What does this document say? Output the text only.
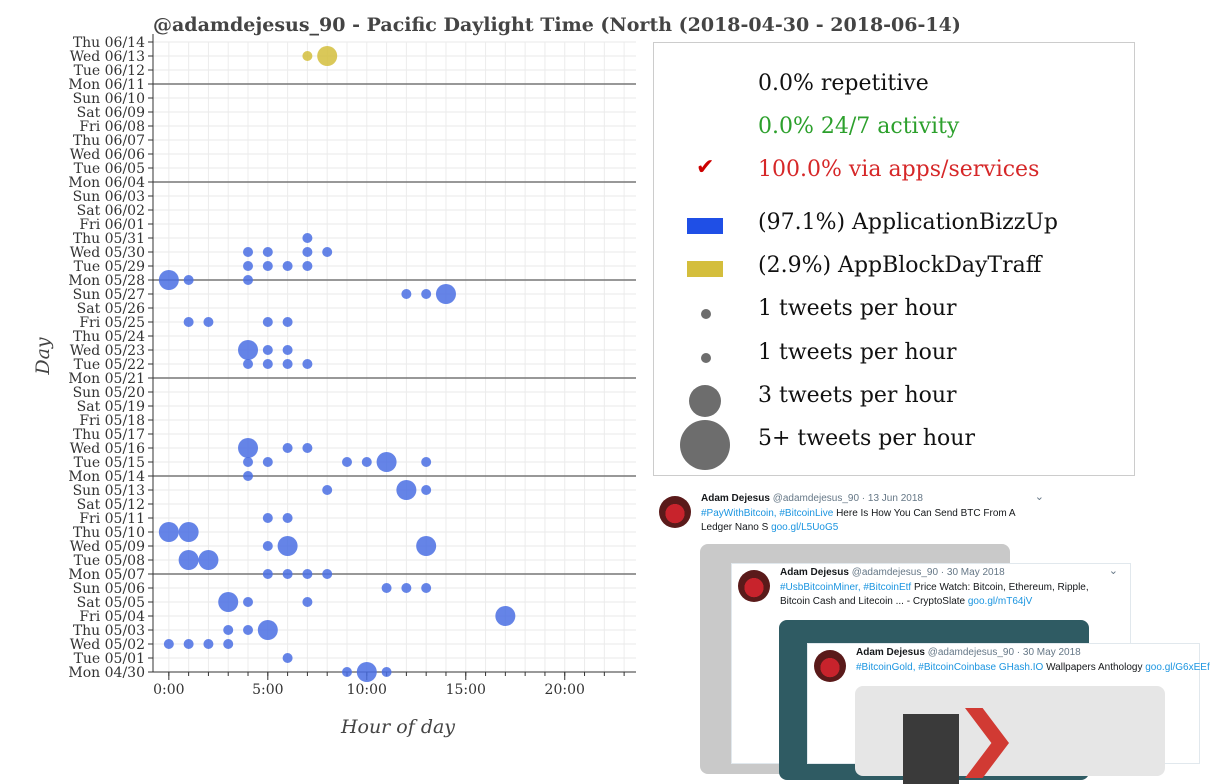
@adamdejesus_90 - Pacific Daylight Time (North (2018-04-30 - 2018-06-14)
Mon 04/30
Tue 05/01
Wed 05/02
Thu 05/03
Fri 05/04
Sat 05/05
Sun 05/06
Mon 05/07
Tue 05/08
Wed 05/09
Thu 05/10
Fri 05/11
Sat 05/12
Sun 05/13
Mon 05/14
Tue 05/15
Wed 05/16
Thu 05/17
Fri 05/18
Sat 05/19
Sun 05/20
Mon 05/21
Tue 05/22
Wed 05/23
Thu 05/24
Fri 05/25
Sat 05/26
Sun 05/27
Mon 05/28
Tue 05/29
Wed 05/30
Thu 05/31
Fri 06/01
Sat 06/02
Sun 06/03
Mon 06/04
Tue 06/05
Wed 06/06
Thu 06/07
Fri 06/08
Sat 06/09
Sun 06/10
Mon 06/11
Tue 06/12
Wed 06/13
Thu 06/14
0:00	5:00	10:00	15:00	20:00
Hour of day
Day
0.0% repetitive
0.0% 24/7 activity
✔ 100.0% via apps/services
(97.1%) ApplicationBizzUp
(2.9%) AppBlockDayTraff
1 tweets per hour
1 tweets per hour
3 tweets per hour
5+ tweets per hour
Adam Dejesus @adamdejesus_90 · 13 Jun 2018	⌄
#PayWithBitcoin, #BitcoinLive Here Is How You Can Send BTC From A Ledger Nano S goo.gl/L5UoG5
Adam Dejesus @adamdejesus_90 · 30 May 2018	⌄
#UsbBitcoinMiner, #BitcoinEtf Price Watch: Bitcoin, Ethereum, Ripple, Bitcoin Cash and Litecoin ... - CryptoSlate goo.gl/mT64jV
Adam Dejesus @adamdejesus_90 · 30 May 2018
#BitcoinGold, #BitcoinCoinbase GHash.IO Wallpapers Anthology goo.gl/G6xEEf
